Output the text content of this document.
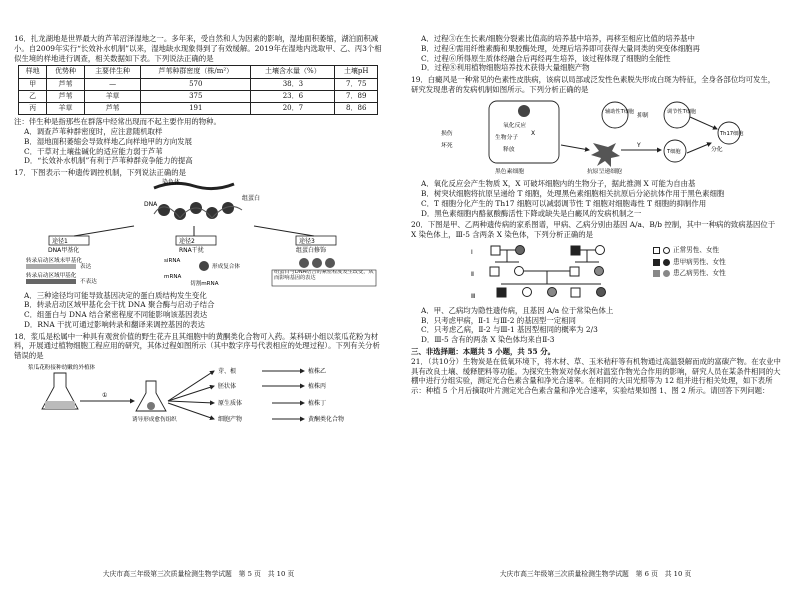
16．扎龙湖地是世界最大的芦苇沼泽湿地之一。多年来，受自然和人为因素的影响，湿地面积萎缩，湖泊面积减小。自2009年实行“长效补水机制”以来，湿地缺水现象得到了有效缓解。2019年在湿地内选取甲、乙、丙3个相似生境的样地进行调查，相关数据如下表。下列说法正确的是
样地	优势种	主要伴生种	芦苇种群密度（株/m²）	土壤含水量（%）	土壤pH
甲	芦苇	—	570	38．3	7．75
乙	芦苇	羊草	375	23．6	7．89
丙	羊草	芦苇	191	20．7	8．86
注：伴生种是指那些在群落中经常出现而不起主要作用的物种。
A．调查芦苇种群密度时，应注意随机取样
B．湿地面积萎缩会导致样地乙向样地甲的方向发展
C．干草对土壤盐碱化的适应能力弱于芦苇
D．“长效补水机制”有利于芦苇种群竞争能力的提高
17．下图表示一种遗传调控机制，下列说法正确的是
染色体
DNA
组蛋白
途径1
DNA甲基化
途径2
RNA干扰
途径3
组蛋白修饰
转录启动区域未甲基化
表达
转录启动区域甲基化
不表达
siRNA
形成复合体
mRNA
切割mRNA
组蛋白与DNA结合的紧密程度发生改变，从而影响基因的表达
A．三种途径均可能导致基因决定的蛋白质结构发生变化
B．转录启动区域甲基化会干扰 DNA 聚合酶与启动子结合
C．组蛋白与 DNA 结合紧密程度不同能影响该基因表达
D．RNA 干扰可通过影响转录和翻译来调控基因的表达
18．浆瓜是松属中一种具有观赏价值的野生花卉且其细胞中的黄酮类化合物可入药。某科研小组以浆瓜花粉为材料，开展通过植物细胞工程应用的研究，其体过程如图所示（其中数字序号代表相应的处理过程）。下列有关分析错误的是
浆瓜花粉接种幼嫩的外植体
①
诱导形成愈伤组织
芽、根
胚状体
原生质体
细胞产物
植株乙
植株丙
植株丁
黄酮类化合物
大庆市高三年级第三次质量检测生物学试题　第 5 页　共 10 页
A．过程③在生长素/细胞分裂素比值高的培养基中培养，再移至相应比值的培养基中
B．过程④需用纤维素酶和果胶酶处理，处理后培养即可获得大量同类的突变体细胞再
C．过程⑥所得原生质体经融合后再经再生培养，该过程体现了细胞的全能性
D．过程⑧利用植物细胞培养技术获得大量细胞产物
19．白癜风是一种常见的色素性皮肤病，该病以局部或泛发性色素脱失形成白斑为特征，全身各部位均可发生，研究发现患者的发病机制如图所示。下列分析正确的是
氧化反应
生物分子
X
释放
黑色素细胞	抗原呈递细胞
Y
辅助性T细胞
抑制
调节性T细胞
Th17细胞
分化
T细胞
损伤
坏死
A．氧化反应会产生物质 X，X 可破坏细胞内的生物分子，据此推测 X 可能为自由基
B．树突状细胞将抗原呈递给 T 细胞，处理黑色素细胞相关抗原后分泌抗体作用于黑色素细胞
C．T 细胞分化产生的 Th17 细胞可以减弱调节性 T 细胞对细胞毒性 T 细胞的抑制作用
D．黑色素细胞内酪氨酸酶活性下降或缺失是白癜风的发病机制之一
20．下图是甲、乙两种遗传病的家系图谱，甲病、乙病分别由基因 A/a、B/b 控制，其中一种病的致病基因位于 X 染色体上，Ⅲ-5 含两条 X 染色体，下列分析正确的是
Ⅰ
Ⅱ
Ⅲ
正常男性、女性
患甲病男性、女性
患乙病男性、女性
A．甲、乙病均为隐性遗传病，且基因 A/a 位于常染色体上
B．只考虑甲病，Ⅱ-1 与Ⅲ-2 的基因型一定相同
C．只考虑乙病，Ⅱ-2 与Ⅲ-1 基因型相同的概率为 2/3
D．Ⅲ-5 含有的两条 X 染色体均来自Ⅱ-3
三、非选择题：本题共 5 小题，共 55 分。
21．（共10分）生物炭是在低氧环境下，将木材、草、玉米秸秆等有机物通过高温裂解而成的富碳产物。在农业中具有改良土壤、缓释肥料等功能。为探究生物炭对保水剂对温室作物光合作用的影响，研究人员在某条件相同的大棚中进行分组实验，测定光合色素含量和净光合速率。在相同的大田光照等为 12 组并进行相关处理，如下表所示：种植 5 个月后摘取叶片测定光合色素含量和净光合速率，实验结果如图 1、图 2 所示。请回答下列问题：
大庆市高三年级第三次质量检测生物学试题　第 6 页　共 10 页
